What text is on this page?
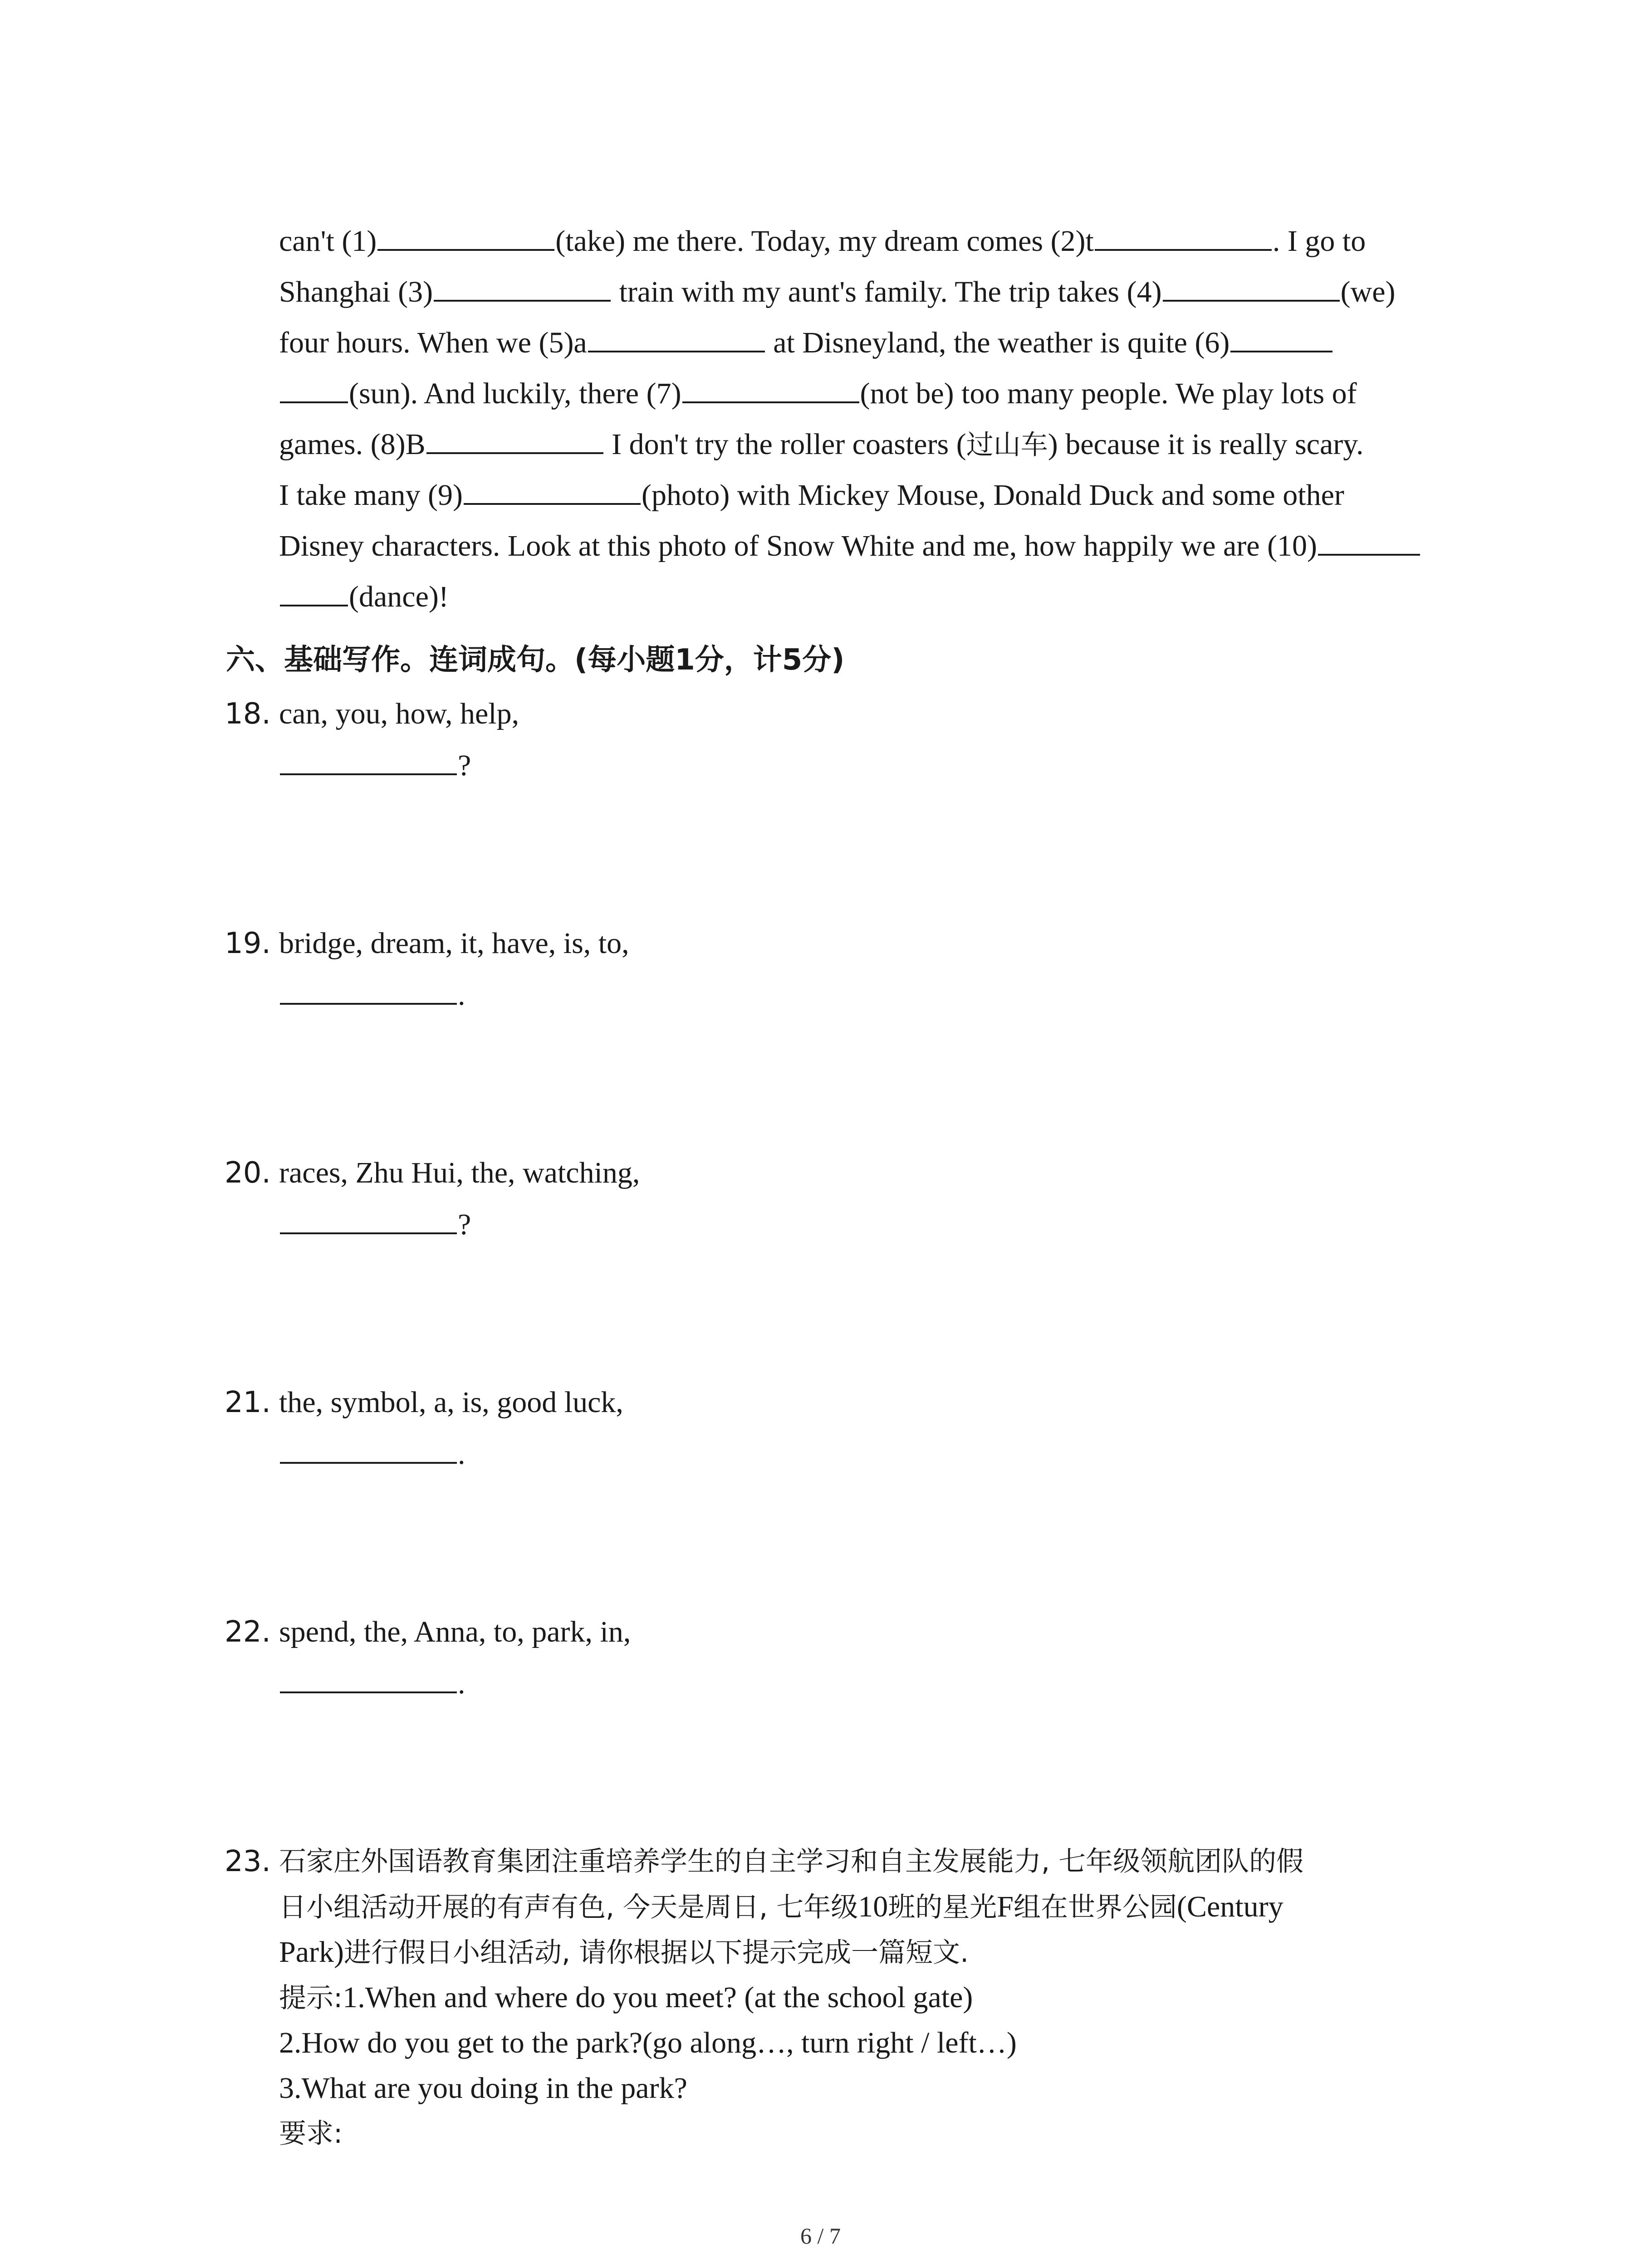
can't (1)	(take) me there. Today, my dream comes (2)t	. I go to
Shanghai (3)	train with my aunt's family. The trip takes (4)	(we)
four hours. When we (5)a	at Disneyland, the weather is quite (6)
(sun). And luckily, there (7)	(not be) too many people. We play lots of
games. (8)B	I don't try the roller coasters (过山车) because it is really scary.
I take many (9)	(photo) with Mickey Mouse, Donald Duck and some other
Disney characters. Look at this photo of Snow White and me, how happily we are (10)
(dance)!
六、基础写作。连词成句。(每小题1分，计5分)
18. can, you, how, help,
?
19. bridge, dream, it, have, is, to,
.
20. races, Zhu Hui, the, watching,
?
21. the, symbol, a, is, good luck,
.
22. spend, the, Anna, to, park, in,
.
23. 石家庄外国语教育集团注重培养学生的自主学习和自主发展能力, 七年级领航团队的假
日小组活动开展的有声有色, 今天是周日, 七年级10班的星光F组在世界公园(Century
Park)进行假日小组活动, 请你根据以下提示完成一篇短文.
提示:1.When and where do you meet? (at the school gate)
2.How do you get to the park?(go along…, turn right / left…)
3.What are you doing in the park?
要求:
6 / 7
